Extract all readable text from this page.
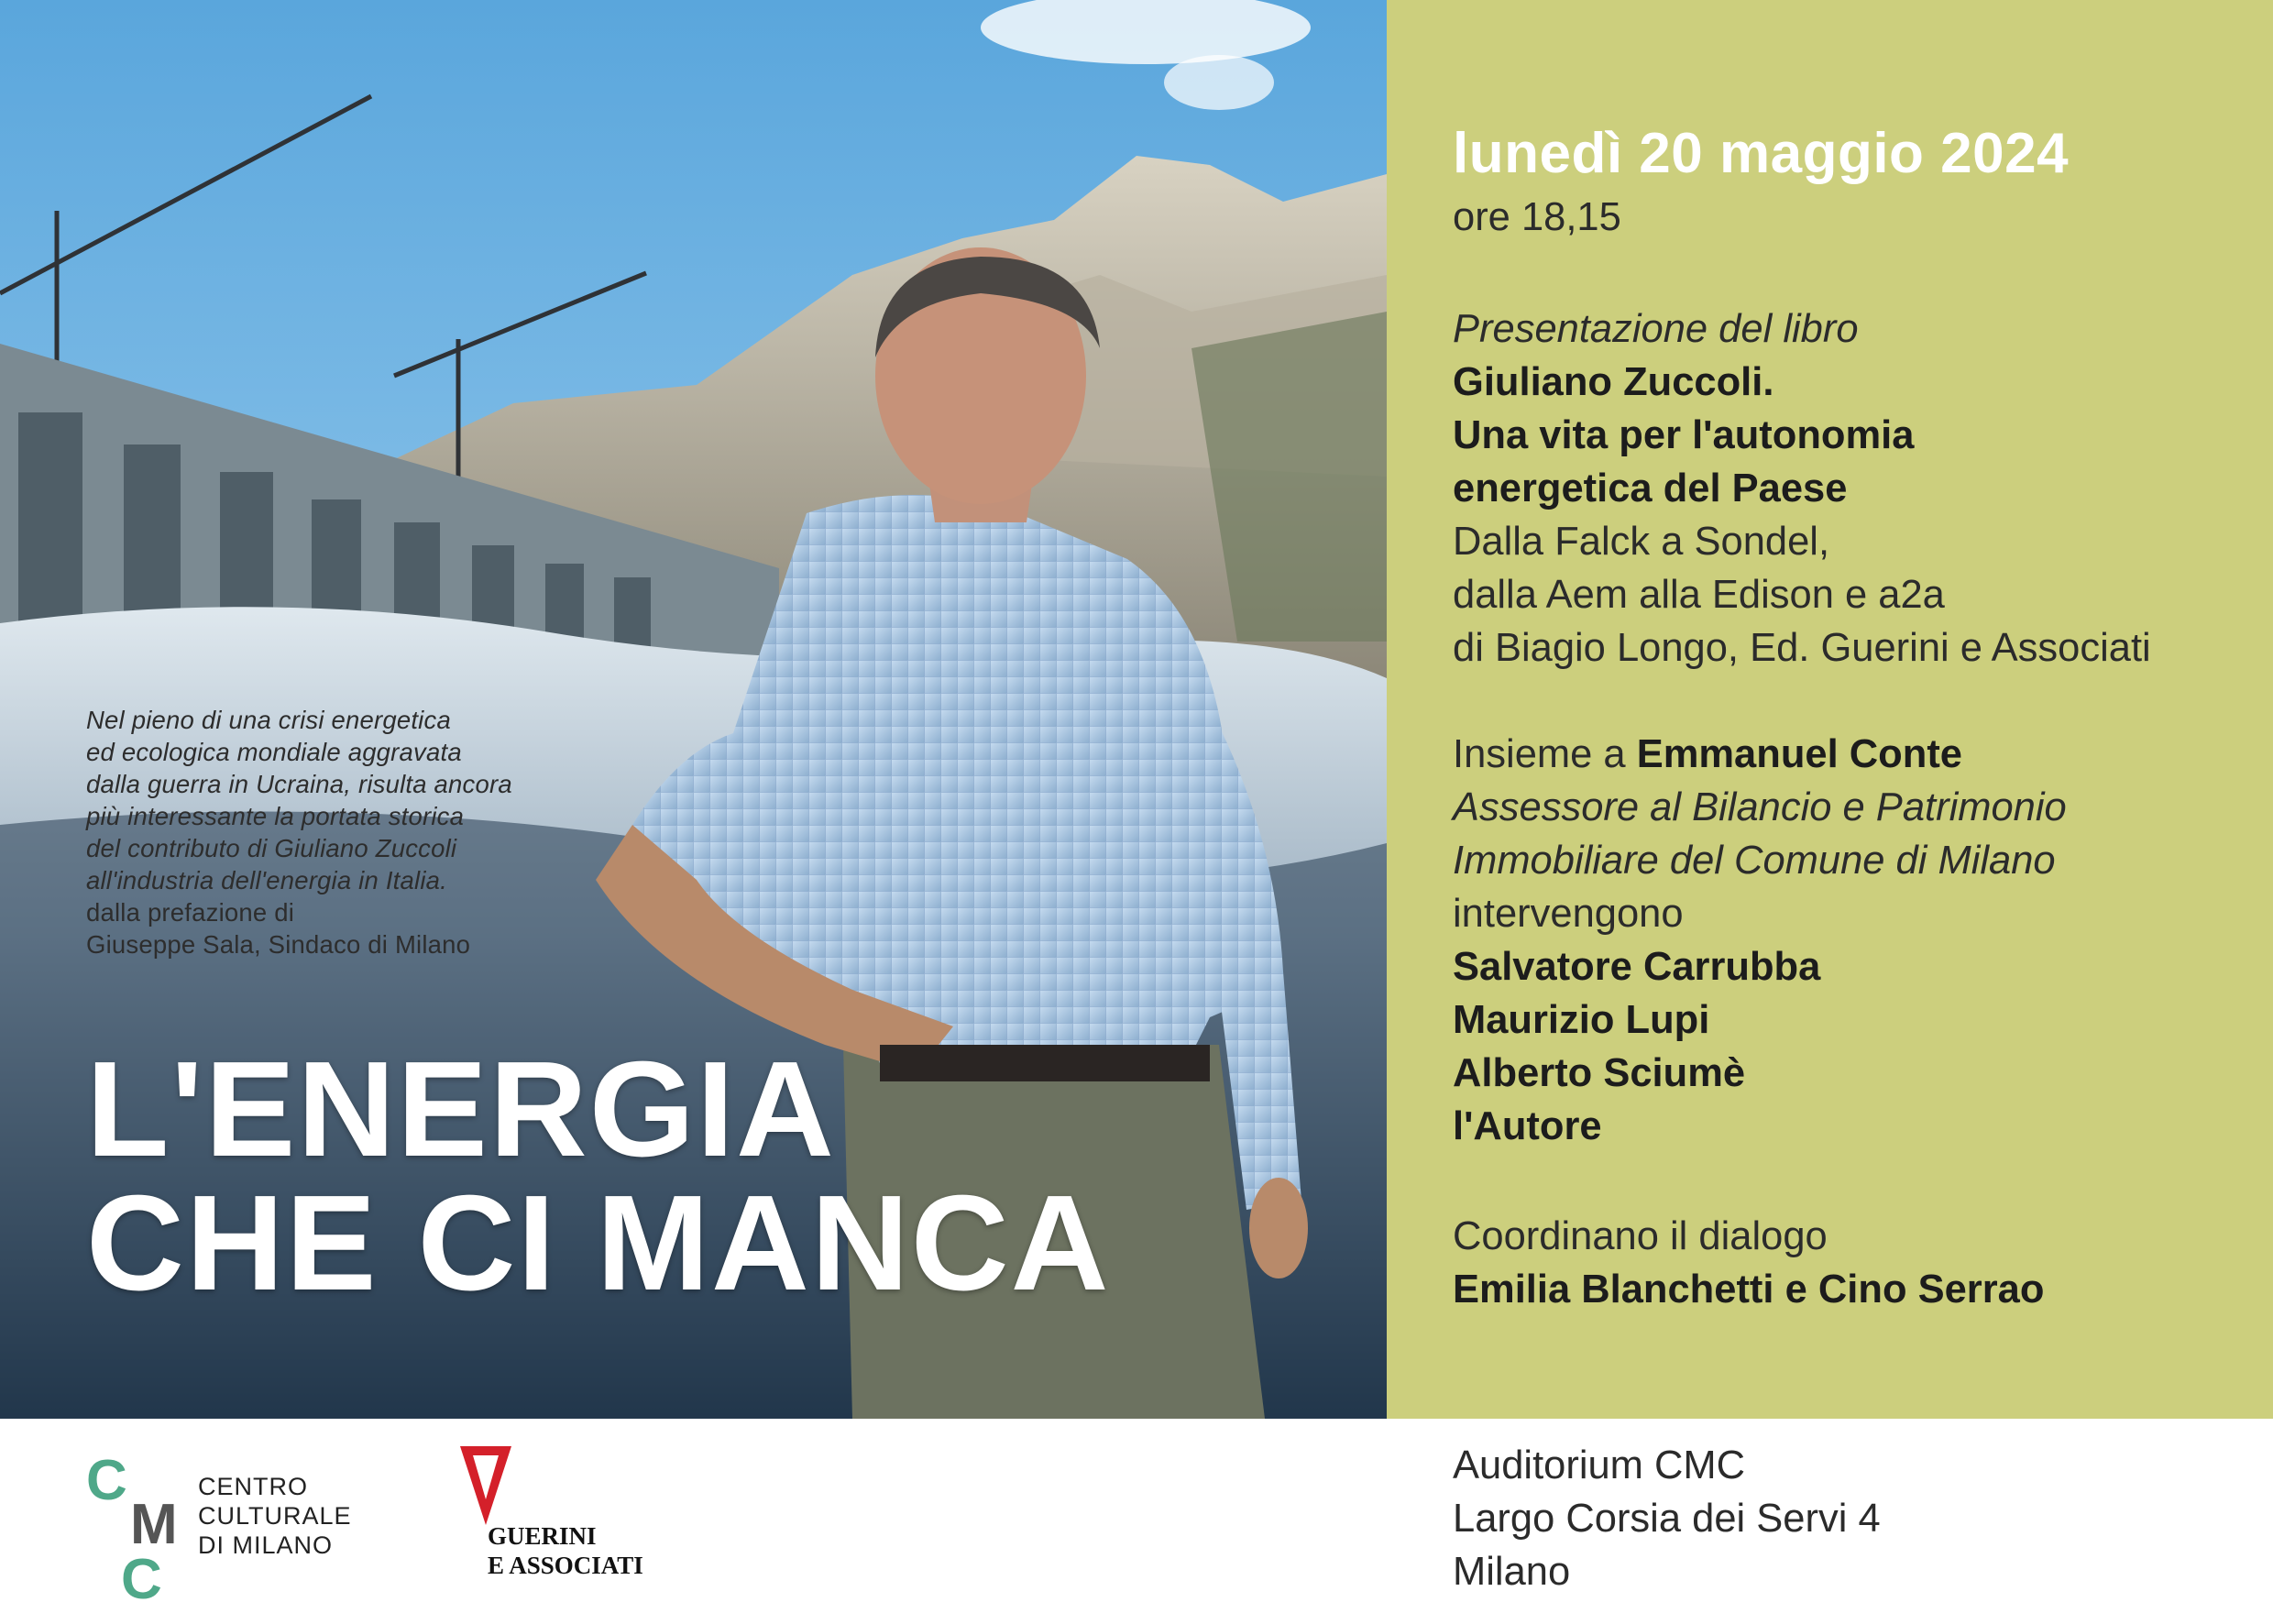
Nel pieno di una crisi energetica
ed ecologica mondiale aggravata
dalla guerra in Ucraina, risulta ancora
più interessante la portata storica
del contributo di Giuliano Zuccoli
all'industria dell'energia in Italia.
dalla prefazione di
Giuseppe Sala, Sindaco di Milano
L'ENERGIA
CHE CI MANCA
lunedì 20 maggio 2024
ore 18,15
Presentazione del libro
Giuliano Zuccoli.
Una vita per l'autonomia
energetica del Paese
Dalla Falck a Sondel,
dalla Aem alla Edison e a2a
di Biagio Longo, Ed. Guerini e Associati
Insieme a Emmanuel Conte
Assessore al Bilancio e Patrimonio
Immobiliare del Comune di Milano
intervengono
Salvatore Carrubba
Maurizio Lupi
Alberto Sciumè
l'Autore
Coordinano il dialogo
Emilia Blanchetti e Cino Serrao
C
M
C
CENTRO
CULTURALE
DI MILANO	GUERINI
E ASSOCIATI
Auditorium CMC
Largo Corsia dei Servi 4
Milano
